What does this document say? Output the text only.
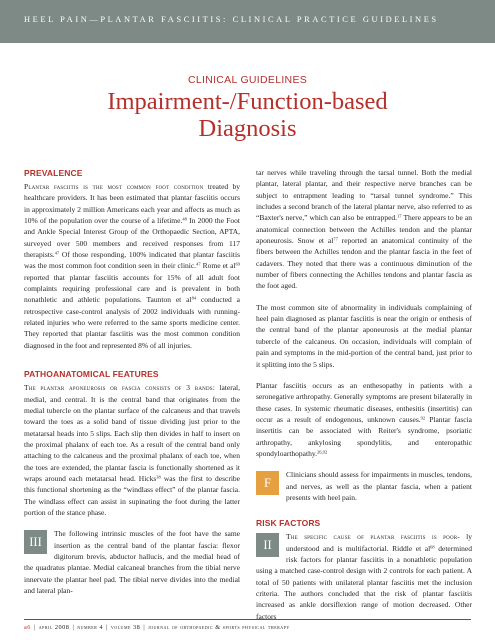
HEEL PAIN—PLANTAR FASCIITIS: CLINICAL PRACTICE GUIDELINES

CLINICAL GUIDELINES
Impairment-/Function-based
Diagnosis
PREVALENCE

Plantar fasciitis is the most common foot condition treated by healthcare providers. It has been estimated that plantar fasciitis occurs in approximately 2 million Americans each year and affects as much as 10% of the population over the course of a lifetime.$^{48}$ In 2000 the Foot and Ankle Special Interest Group of the Orthopaedic Section, APTA, surveyed over 500 members and received responses from 117 therapists.$^{47}$ Of those responding, 100% indicated that plantar fasciitis was the most common foot condition seen in their clinic.$^{47}$ Rome et $al^{69}$ reported that plantar fasciitis accounts for 15% of all adult foot complaints requiring professional care and is prevalent in both nonathletic and athletic populations. Taunton et $al^{84}$ conducted a retrospective case-control analysis of 2002 individuals with running-related injuries who were referred to the same sports medicine center. They reported that plantar fasciitis was the most common condition diagnosed in the foot and represented 8% of all injuries.

PATHOANATOMICAL FEATURES

The plantar aponeurosis or fascia consists of 3 bands: lateral, medial, and central. It is the central band that originates from the medial tubercle on the plantar surface of the calcaneus and that travels toward the toes as a solid band of tissue dividing just prior to the metatarsal heads into 5 slips. Each slip then divides in half to insert on the proximal phalanx of each toe. As a result of the central band only attaching to the calcaneus and the proximal phalanx of each toe, when the toes are extended, the plantar fascia is functionally shortened as it wraps around each metatarsal head. Hicks$^{38}$ was the first to describe this functional shortening as the “windlass effect” of the plantar fascia. The windlass effect can assist in supinating the foot during the latter portion of the stance phase.

III

The following intrinsic muscles of the foot have the same insertion as the central band of the plantar fascia: flexor digitorum brevis, abductor hallucis, and the medial head of the quadratus plantae. Medial calcaneal branches from the tibial nerve innervate the plantar heel pad. The tibial nerve divides into the medial and lateral plan-

tar nerves while traveling through the tarsal tunnel. Both the medial plantar, lateral plantar, and their respective nerve branches can be subject to entrapment leading to “tarsal tunnel syndrome.” This includes a second branch of the lateral plantar nerve, also referred to as “Baxter's nerve,” which can also be entrapped.$^{17}$ There appears to be an anatomical connection between the Achilles tendon and the plantar aponeurosis. Snow et $al^{77}$ reported an anatomical continuity of the fibers between the Achilles tendon and the plantar fascia in the feet of cadavers. They noted that there was a continuous diminution of the number of fibers connecting the Achilles tendons and plantar fascia as the foot aged.

The most common site of abnormality in individuals complaining of heel pain diagnosed as plantar fasciitis is near the origin or enthesis of the central band of the plantar aponeurosis at the medial plantar tubercle of the calcaneus. On occasion, individuals will complain of pain and symptoms in the mid-portion of the central band, just prior to it splitting into the 5 slips.

Plantar fasciitis occurs as an enthesopathy in patients with a seronegative arthropathy. Generally symptoms are present bilaterally in these cases. In systemic rheumatic diseases, enthesitis (insertitis) can occur as a result of endogenous, unknown causes.$^{92}$ Plantar fascia insertitis can be associated with Reiter's syndrome, psoriatic arthropathy, ankylosing spondylitis, and enteropathic spondyloarthopathy.$^{26,92}$

F

Clinicians should assess for impairments in muscles, tendons, and nerves, as well as the plantar fascia, when a patient presents with heel pain.

RISK FACTORS
II

The specific cause of plantar fasciitis is poor- ly understood and is multifactorial. Riddle et $al^{68}$ determined risk factors for plantar fasciitis in a nonathletic population using a matched case-control design with 2 controls for each patient. A total of 50 patients with unilateral plantar fasciitis met the inclusion criteria. The authors concluded that the risk of plantar fasciitis increased as ankle dorsiflexion range of motion decreased. Other factors

a6 | april 2008 | number 4 | volume 38 | journal of orthopaedic & sports physical therapy
